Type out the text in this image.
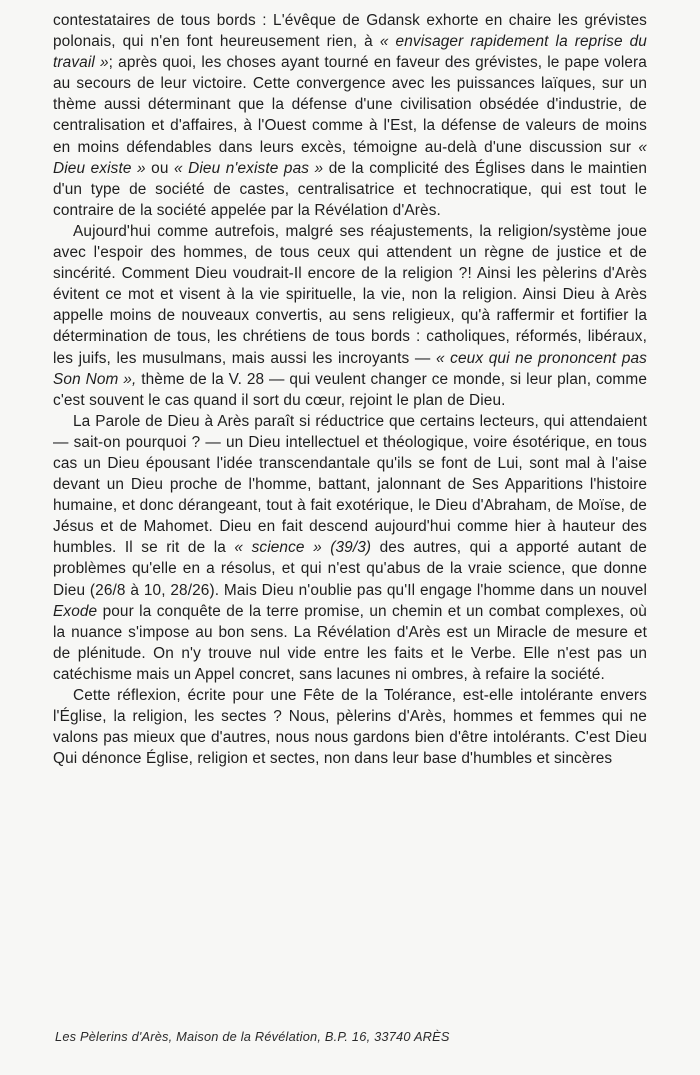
contestataires de tous bords : L'évêque de Gdansk exhorte en chaire les grévistes polonais, qui n'en font heureusement rien, à « envisager rapidement la reprise du travail »; après quoi, les choses ayant tourné en faveur des grévistes, le pape volera au secours de leur victoire. Cette convergence avec les puissances laïques, sur un thème aussi déterminant que la défense d'une civilisation obsédée d'industrie, de centralisation et d'affaires, à l'Ouest comme à l'Est, la défense de valeurs de moins en moins défendables dans leurs excès, témoigne au-delà d'une discussion sur « Dieu existe » ou « Dieu n'existe pas » de la complicité des Églises dans le maintien d'un type de société de castes, centralisatrice et technocratique, qui est tout le contraire de la société appelée par la Révélation d'Arès.

Aujourd'hui comme autrefois, malgré ses réajustements, la religion/système joue avec l'espoir des hommes, de tous ceux qui attendent un règne de justice et de sincérité. Comment Dieu voudrait-Il encore de la religion ?! Ainsi les pèlerins d'Arès évitent ce mot et visent à la vie spirituelle, la vie, non la religion. Ainsi Dieu à Arès appelle moins de nouveaux convertis, au sens religieux, qu'à raffermir et fortifier la détermination de tous, les chrétiens de tous bords : catholiques, réformés, libéraux, les juifs, les musulmans, mais aussi les incroyants — « ceux qui ne prononcent pas Son Nom », thème de la V. 28 — qui veulent changer ce monde, si leur plan, comme c'est souvent le cas quand il sort du cœur, rejoint le plan de Dieu.

La Parole de Dieu à Arès paraît si réductrice que certains lecteurs, qui attendaient — sait-on pourquoi ? — un Dieu intellectuel et théologique, voire ésotérique, en tous cas un Dieu épousant l'idée transcendantale qu'ils se font de Lui, sont mal à l'aise devant un Dieu proche de l'homme, battant, jalonnant de Ses Apparitions l'histoire humaine, et donc dérangeant, tout à fait exotérique, le Dieu d'Abraham, de Moïse, de Jésus et de Mahomet. Dieu en fait descend aujourd'hui comme hier à hauteur des humbles. Il se rit de la « science » (39/3) des autres, qui a apporté autant de problèmes qu'elle en a résolus, et qui n'est qu'abus de la vraie science, que donne Dieu (26/8 à 10, 28/26). Mais Dieu n'oublie pas qu'Il engage l'homme dans un nouvel Exode pour la conquête de la terre promise, un chemin et un combat complexes, où la nuance s'impose au bon sens. La Révélation d'Arès est un Miracle de mesure et de plénitude. On n'y trouve nul vide entre les faits et le Verbe. Elle n'est pas un catéchisme mais un Appel concret, sans lacunes ni ombres, à refaire la société.

Cette réflexion, écrite pour une Fête de la Tolérance, est-elle intolérante envers l'Église, la religion, les sectes ? Nous, pèlerins d'Arès, hommes et femmes qui ne valons pas mieux que d'autres, nous nous gardons bien d'être intolérants. C'est Dieu Qui dénonce Église, religion et sectes, non dans leur base d'humbles et sincères

Les Pèlerins d'Arès, Maison de la Révélation, B.P. 16, 33740 ARÈS
